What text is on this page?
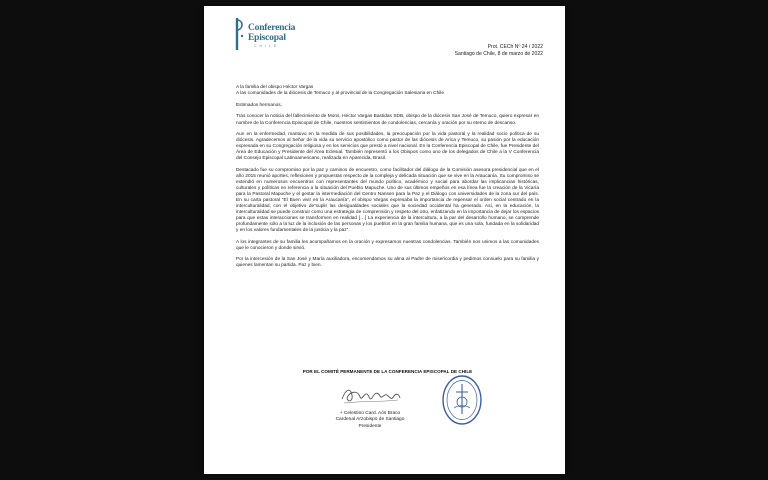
Conferencia
Episcopal
CHILE	Prot. CECh Nº 24 / 2022
Santiago de Chile, 8 de marzo de 2022

A la familia del obispo Héctor Vargas
A las comunidades de la diócesis de Temuco y al provincial de la Congregación Salesiana en Chile

Estimados hermanos,

Tras conocer la noticia del fallecimiento de Mons. Héctor Vargas Bastidas SDB, obispo de la diócesis San José de Temuco, quiero expresar en nombre de la Conferencia Episcopal de Chile, nuestros sentimientos de condolencias, cercanía y oración por su eterno de descanso.

Aun en la enfermedad, mantuvo en la medida de sus posibilidades, la preocupación por la vida pastoral y la realidad socio política de su diócesis. Agradecemos al Señor de la vida su servicio apostólico como pastor de las diócesis de Arica y Temuco, su pasión por la educación expresada en su Congregación religiosa y en los servicios que prestó a nivel nacional. En la Conferencia Episcopal de Chile, fue Presidente del Área de Educación y Presidente del Área Eclesial. También representó a los Obispos como uno de los delegados de Chile a la V Conferencia del Consejo Episcopal Latinoamericano, realizada en Aparecida, Brasil.

Destacado fue su compromiso por la paz y caminos de encuentro, como facilitador del diálogo de la Comisión asesora presidencial que en el año 2015 reunió aportes, reflexiones y propuestas respecto de la compleja y delicada situación que se vive en la Araucanía. Su compromiso se extendió en numerosos encuentros con representantes del mundo político, académico y social para abordar las implicancias históricas, culturales y políticas en referencia a la situación del Pueblo Mapuche. Uno de sus últimos empeños en esa línea fue la creación de la Vicaría para la Pastoral Mapuche y el gestar la intermediación del Centro Nansen para la Paz y el Diálogo con universidades de la zona sur del país. En su carta pastoral “El Buen vivir en la Araucanía”, el obispo Vargas expresaba la importancia de repensar el orden social centrado en la interculturalidad, con el objetivo de“suplir las desigualdades sociales que la sociedad occidental ha generado. Así, en la educación, la interculturalidad se puede construir como una estrategia de comprensión y respeto del otro, enfatizando en la importancia de dejar los espacios para que estas interacciones se transformen en realidad […] La experiencia de la intercultura, a la par del desarrollo humano, se comprende profundamente sólo a la luz de la inclusión de las personas y los pueblos en la gran familia humana, que es una sola, fundada en la solidaridad y en los valores fundamentales de la justicia y la paz”.

A los integrantes de su familia les acompañamos en la oración y expresamos nuestras condolencias. También nos unimos a las comunidades que le conocieron y donde sirvió.

Por la intercesión de la San José y María auxiliadora, encomendamos su alma al Padre de misericordia y pedimos consuelo para su familia y quienes lamentan su partida. Paz y bien.

POR EL COMITÉ PERMANENTE DE LA CONFERENCIA EPISCOPAL DE CHILE
+ Celestino Card. Aós Braco
Cardenal Arzobispo de Santiago
Presidente
